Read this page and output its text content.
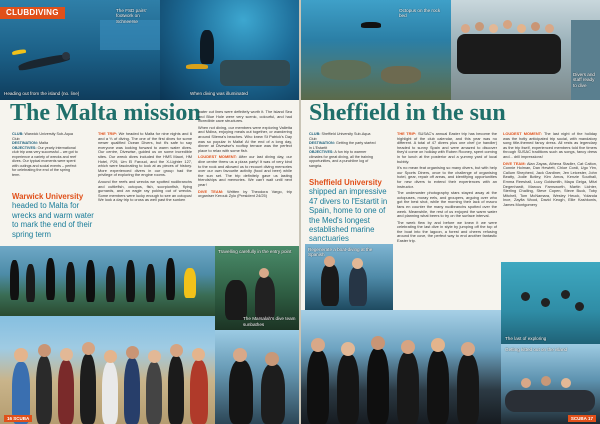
Heading out from the island (no. line)
The FSD pairs' footwork on Schneerse
When diving was illuminated
CLUBDIVING
The Malta mission

CLUB: Warwick University Sub-Aqua Club

DESTINATION: Malta

OBJECTIVES: Our yearly international club trip was very successful – we got to experience a variety of wrecks and reef dives. Our typical moments were spent with outings and social events – perfect for celebrating the end of the spring term.

Warwick University headed to Malta for wrecks and warm water to mark the end of their spring term

THE TRIP: We headed to Malta for nine nights and 6 and a ⅓ of diving. The one of the first dives for some newer qualified Ocean Divers, but it's safe to say everyone was looking forward to warm water dives. Our centre, Divewise, guided us on some incredible sites. Our wreck dives included the HMS Maori, HM Hotel, P29, Um El Faroud, and the X-Lighter 127, which were fascinating to look at as pieces of history. More experienced divers in our group had the privilege of exploring the engine rooms.

Around the reefs and wrecks we spotted nudibranchs and cuttlefish, octopus, fish, scorpionfish, flying gurnards, and an eagle ray poking out of wrecks. Some members were lucky enough to see an octopus! We look a day trip to cross as well past the sunken

water cut lines were definitely worth it. The Island Sea and Blue Hole were very scenic, colourful, and had incredible cave structures.

When not diving, our members were exploring Valletta and Mdina, enjoying meals out together, or wandering around Sliema's beaches. Who knew St Patrick's Day was so popular in Malta! At the end of a long day, dinner at Divewise's rooftop terrace was the perfect place to relax with some fish.

LOUDEST MOMENT: After our last diving day, our dive centre threw us a pizza party! It was of very kind to the rook and allowed us to recount diving memories over our own favourite activity (food and beer) while the sun set. The trip definitely gave us lasting friendships and memories. We can't wait until next year!

DIVE TEAM: Written by Theodora Vargo, trip organiser Kerouk Zylo (President 24/25)

Travelling carefully in the entry point
The Marsalah's dive team sunbathes
16 SCUBA
Octopus on the rock bed
Divers and staff ready to dive
Sheffield in the sun

CLUB: Sheffield University Sub-Aqua Club

DESTINATION: Getting the party started in L'Estartit

OBJECTIVES: A fun trip to warmer climates for great diving, all the training opportunities, and a punchline log of sangria.

Sheffield University shipped an impressive 47 divers to l'Estartit in Spain, home to one of the Med's longest established marine sanctuaries

THE TRIP: SUSAC's annual Easter trip has become the highlight of the club calendar, and this year was no different. A total of 47 divers plus one chef (or handler) headed to sunny Spain and were amazed to discover they'd come on holiday with Ruben Rooney, spent coming in for lunch at the posterior and a yummy yard of local bubbly.

It's no mean feat organising so many divers, but with help our Sports Diners, once to the challenge of organising hotel, gear, repair off areas, and identifying opportunities for new divers to extend their experiences with an instructor.

The underwater photography stars stayed away at the octopuses, moray eels, and groupers, arguing over who got the best shot, while the morning their lack of macro fans en counter the many nudibranchs spotted over the week. Meanwhile, the rest of us enjoyed the warm water and planning what beers to try on the surface interval.

The week flew by and before we knew it we were celebrating the last dive in style by jumping off the top of the boat into the lagoon, a forest and cheers refusing around the cove, the perfect way to end another fantastic Easter trip.

LOUDEST MOMENT: The last night of the holiday was the hotly anticipated trip social, with mandatory song title-themed fancy dress. All rests as legendary as the trip itself, experienced members told five timers through SUSAC traditions such as songs, fancy dress and... drill impressions!

DIVE TEAM: Alan Zayas, Athena Stadler, Cat Calton, Connie Holman, Dan Hewlett, Chloe Cordi, Ugo Yim, Callum Shepherd, Jack Gardiner, Jen Leicester, John Beatty, Jodie Botley, Kim Amos, Kenzie Southall, Emma Reeshall, Lucy Goldsmith, Maya Geiga, Mitzi Degenhardt, Marcus Farnsworth, Martin Lichter, Sterling Challing, Steve Copen, Steve Buck, Toby Mitchell, Tom McNamara, Wesley Heuck, Yolanda Ince, Zayfia Wood, David Keogh, Ellie Kashkonis, James Montgomery

Regenerate a boat-diving at the Spanish
The last of exploring
Getting kitted out on the island
SCUBA 17
